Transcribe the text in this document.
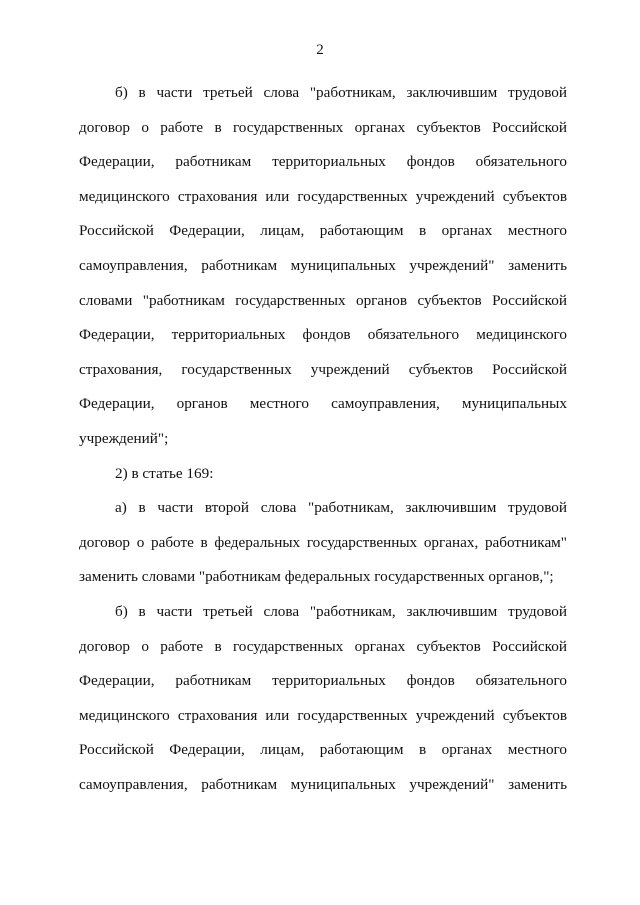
2
б) в части третьей слова "работникам, заключившим трудовой
договор о работе в государственных органах субъектов Российской
Федерации, работникам территориальных фондов обязательного
медицинского страхования или государственных учреждений субъектов
Российской Федерации, лицам, работающим в органах местного
самоуправления, работникам муниципальных учреждений" заменить
словами "работникам государственных органов субъектов Российской
Федерации, территориальных фондов обязательного медицинского
страхования, государственных учреждений субъектов Российской
Федерации, органов местного самоуправления, муниципальных
учреждений";
2) в статье 169:
а) в части второй слова "работникам, заключившим трудовой
договор о работе в федеральных государственных органах, работникам"
заменить словами "работникам федеральных государственных органов,";
б) в части третьей слова "работникам, заключившим трудовой
договор о работе в государственных органах субъектов Российской
Федерации, работникам территориальных фондов обязательного
медицинского страхования или государственных учреждений субъектов
Российской Федерации, лицам, работающим в органах местного
самоуправления, работникам муниципальных учреждений" заменить
